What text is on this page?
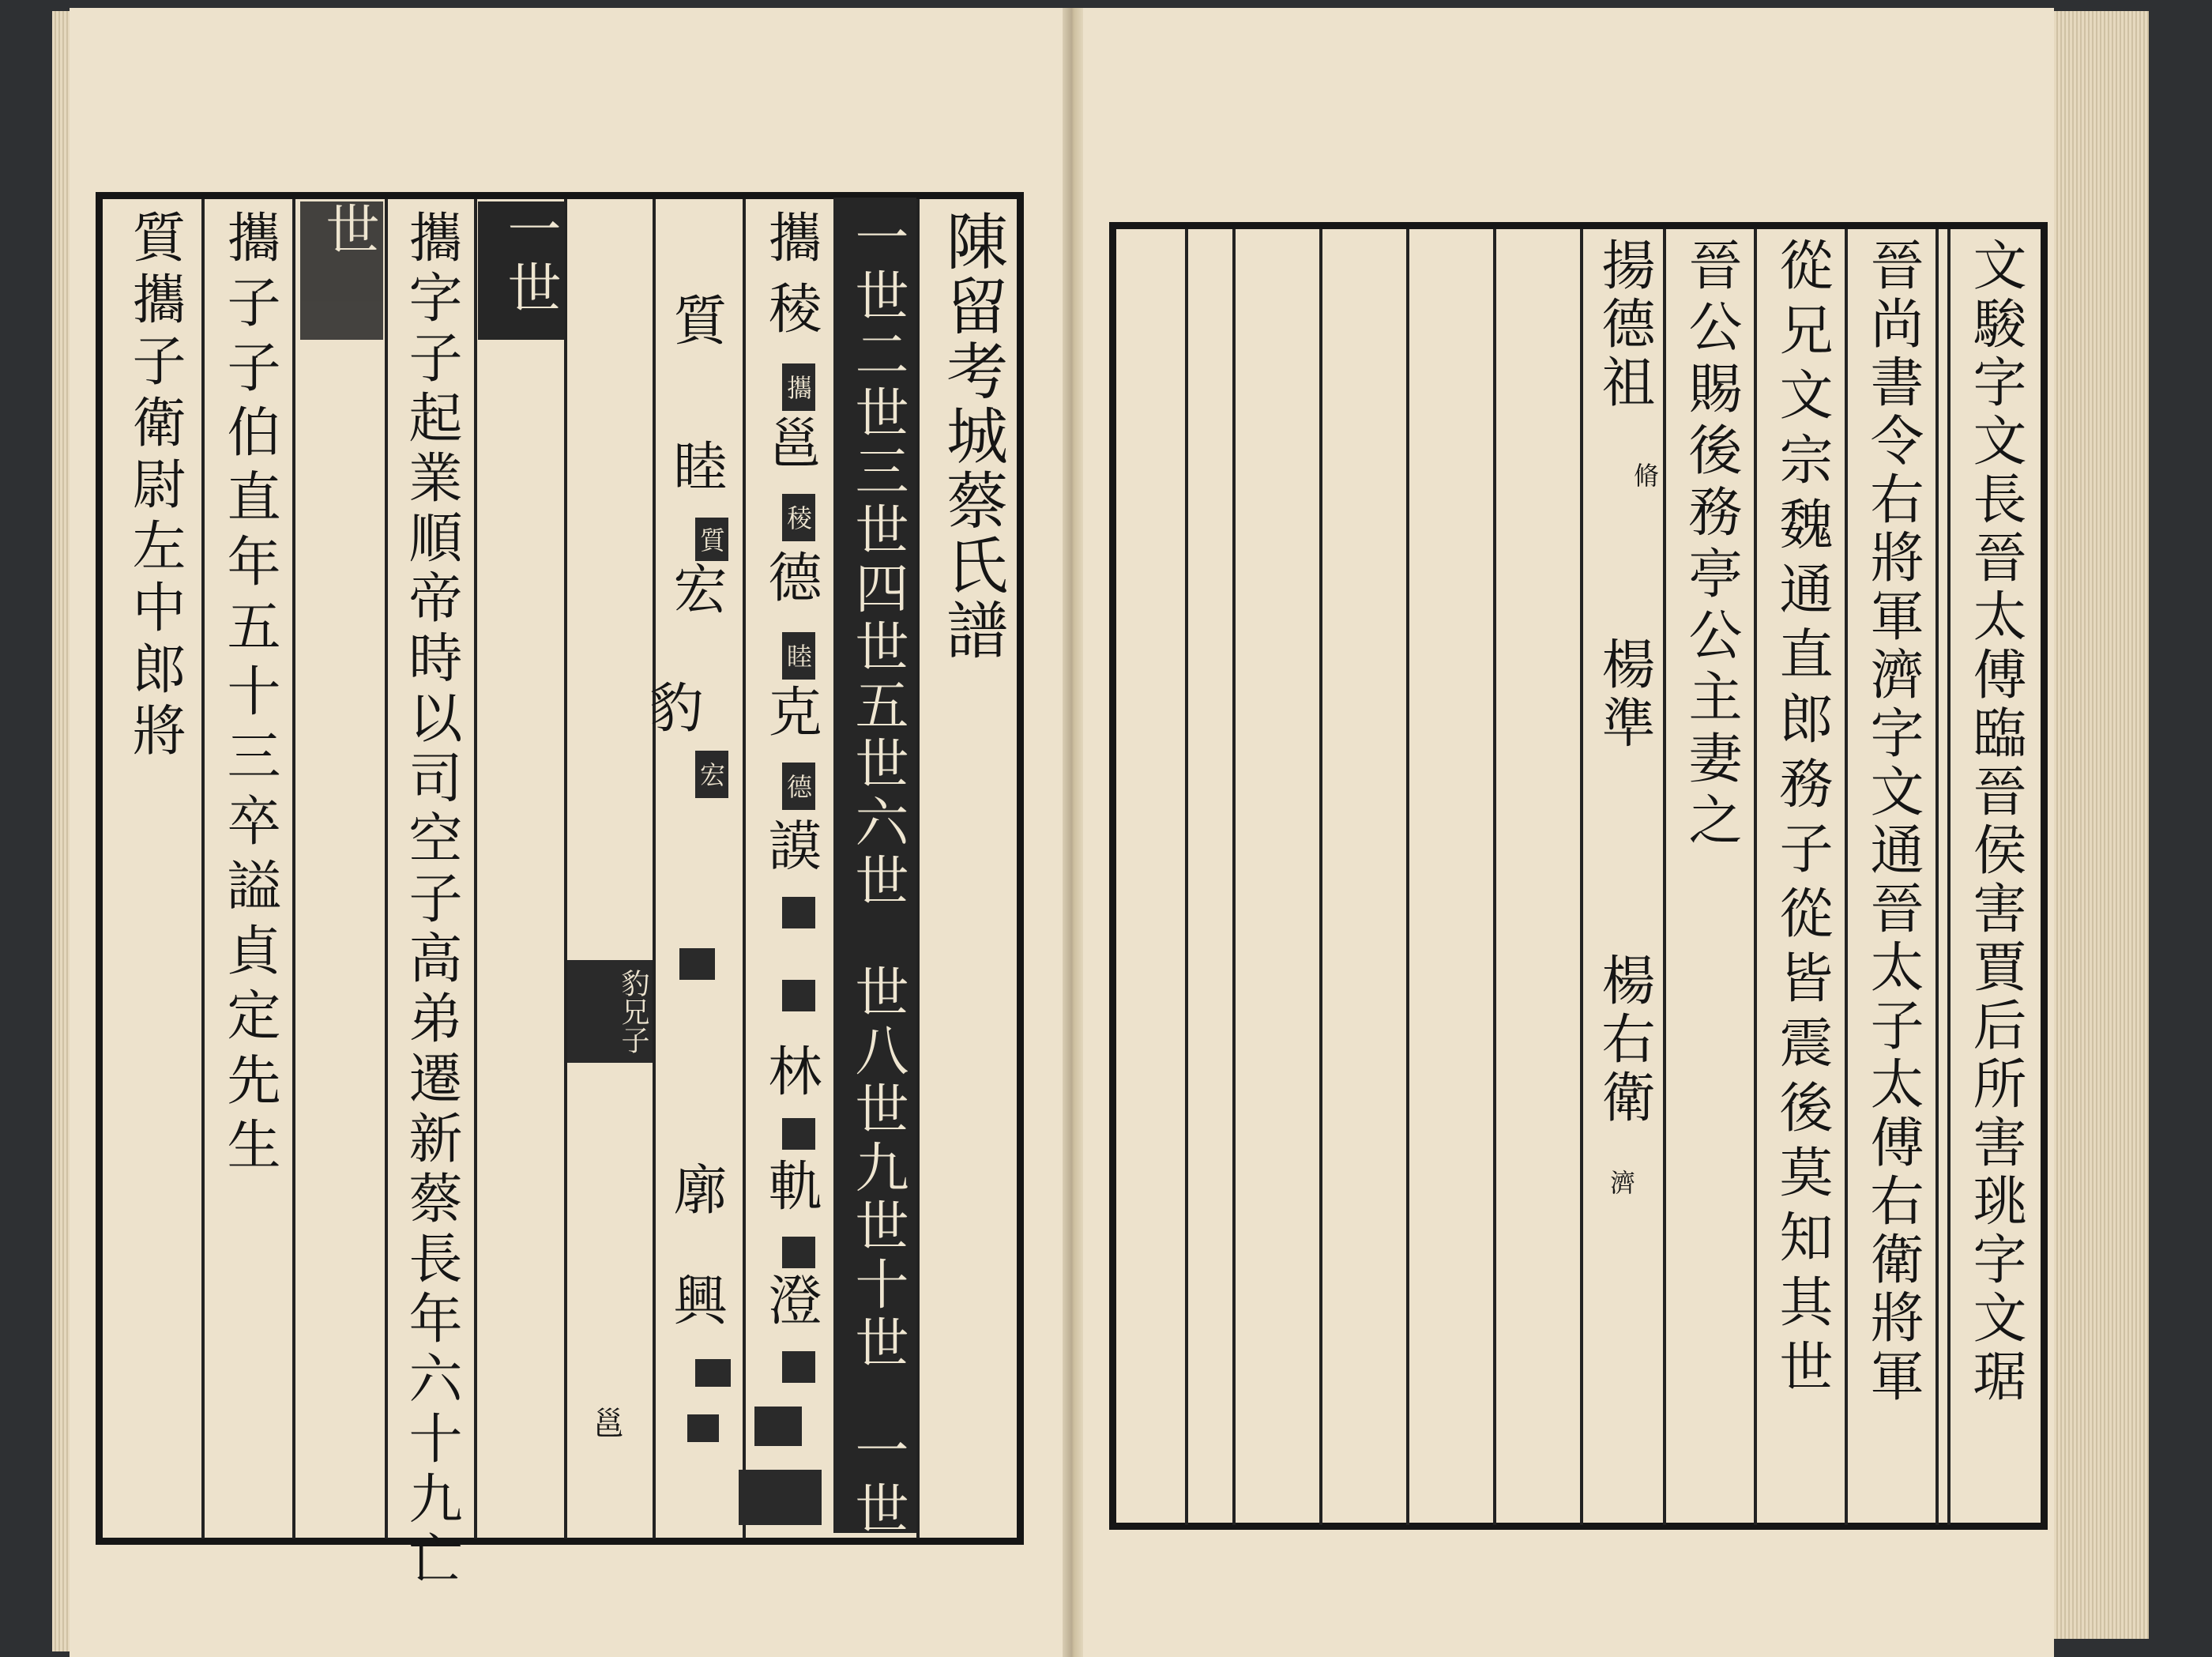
陳留考城蔡氏譜
一世二世三世四世五世六世
世八世九世十世
一世
攜
稜
攜
邕
稜
德
睦
克
德
謨
林
軌
澄
質
睦
質
宏
豹
宏
廓
興
豹兄子
邕
一世
攜字子起業順帝時以司空子高弟遷新蔡長年六十九亡
世
攜子子伯直年五十三卒謚貞定先生
質攜子衛尉左中郎將	文駿字文長晉太傅臨晉侯害賈后所害珧字文琚
晉尚書令右將軍濟字文通晉太子太傅右衛將軍
從兄文宗魏通直郎務子從皆震後莫知其世
晉公賜後務亭公主妻之
揚德祖
脩
楊準
楊右衛
濟
